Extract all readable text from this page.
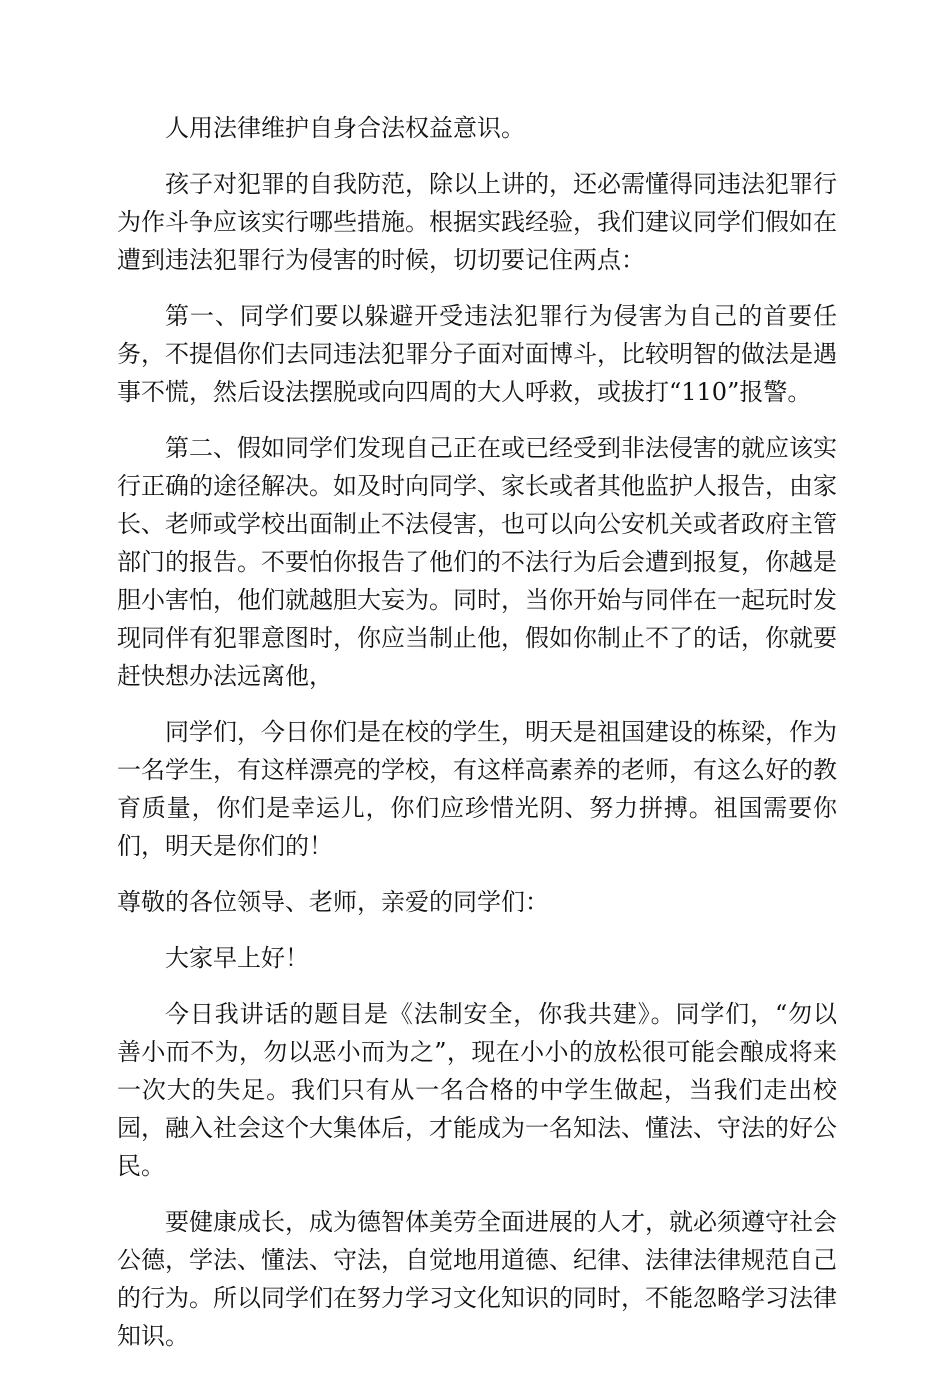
人用法律维护自身合法权益意识。

孩子对犯罪的自我防范，除以上讲的，还必需懂得同违法犯罪行为作斗争应该实行哪些措施。根据实践经验，我们建议同学们假如在遭到违法犯罪行为侵害的时候，切切要记住两点：

第一、同学们要以躲避开受违法犯罪行为侵害为自己的首要任务，不提倡你们去同违法犯罪分子面对面博斗，比较明智的做法是遇事不慌，然后设法摆脱或向四周的大人呼救，或拔打“110”报警。

第二、假如同学们发现自己正在或已经受到非法侵害的就应该实行正确的途径解决。如及时向同学、家长或者其他监护人报告，由家长、老师或学校出面制止不法侵害，也可以向公安机关或者政府主管部门的报告。不要怕你报告了他们的不法行为后会遭到报复，你越是胆小害怕，他们就越胆大妄为。同时，当你开始与同伴在一起玩时发现同伴有犯罪意图时，你应当制止他，假如你制止不了的话，你就要赶快想办法远离他，

同学们，今日你们是在校的学生，明天是祖国建设的栋梁，作为一名学生，有这样漂亮的学校，有这样高素养的老师，有这么好的教育质量，你们是幸运儿，你们应珍惜光阴、努力拼搏。祖国需要你们，明天是你们的！

尊敬的各位领导、老师，亲爱的同学们：

大家早上好！

今日我讲话的题目是《法制安全，你我共建》。同学们，“勿以善小而不为，勿以恶小而为之”，现在小小的放松很可能会酿成将来一次大的失足。我们只有从一名合格的中学生做起，当我们走出校园，融入社会这个大集体后，才能成为一名知法、懂法、守法的好公民。

要健康成长，成为德智体美劳全面进展的人才，就必须遵守社会公德，学法、懂法、守法，自觉地用道德、纪律、法律法律规范自己的行为。所以同学们在努力学习文化知识的同时，不能忽略学习法律知识。
